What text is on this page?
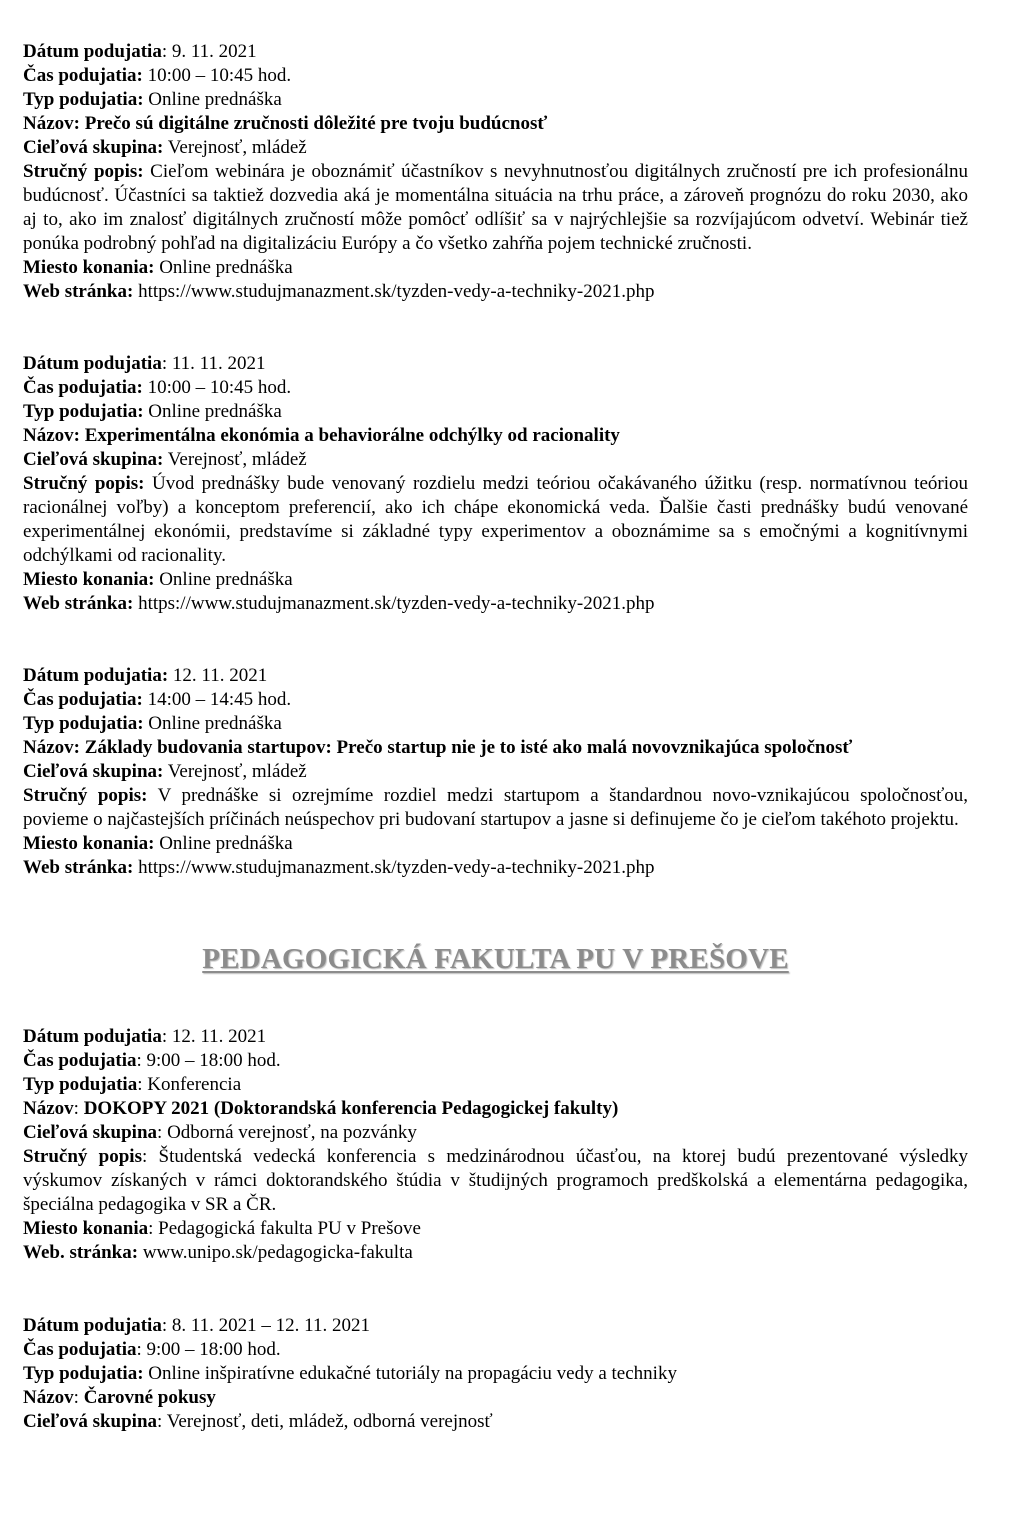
Dátum podujatia: 9. 11. 2021
Čas podujatia: 10:00 – 10:45 hod.
Typ podujatia: Online prednáška
Názov: Prečo sú digitálne zručnosti dôležité pre tvoju budúcnosť
Cieľová skupina: Verejnosť, mládež
Stručný popis: Cieľom webinára je oboznámiť účastníkov s nevyhnutnosťou digitálnych zručností pre ich profesionálnu budúcnosť. Účastníci sa taktiež dozvedia aká je momentálna situácia na trhu práce, a zároveň prognózu do roku 2030, ako aj to, ako im znalosť digitálnych zručností môže pomôcť odlíšiť sa v najrýchlejšie sa rozvíjajúcom odvetví. Webinár tiež ponúka podrobný pohľad na digitalizáciu Európy a čo všetko zahŕňa pojem technické zručnosti.
Miesto konania: Online prednáška
Web stránka: https://www.studujmanazment.sk/tyzden-vedy-a-techniky-2021.php
Dátum podujatia: 11. 11. 2021
Čas podujatia: 10:00 – 10:45 hod.
Typ podujatia: Online prednáška
Názov: Experimentálna ekonómia a behaviorálne odchýlky od racionality
Cieľová skupina: Verejnosť, mládež
Stručný popis: Úvod prednášky bude venovaný rozdielu medzi teóriou očakávaného úžitku (resp. normatívnou teóriou racionálnej voľby) a konceptom preferencií, ako ich chápe ekonomická veda. Ďalšie časti prednášky budú venované experimentálnej ekonómii, predstavíme si základné typy experimentov a oboznámime sa s emočnými a kognitívnymi odchýlkami od racionality.
Miesto konania: Online prednáška
Web stránka: https://www.studujmanazment.sk/tyzden-vedy-a-techniky-2021.php
Dátum podujatia: 12. 11. 2021
Čas podujatia: 14:00 – 14:45 hod.
Typ podujatia: Online prednáška
Názov: Základy budovania startupov: Prečo startup nie je to isté ako malá novovznikajúca spoločnosť
Cieľová skupina: Verejnosť, mládež
Stručný popis: V prednáške si ozrejmíme rozdiel medzi startupom a štandardnou novo-vznikajúcou spoločnosťou, povieme o najčastejších príčinách neúspechov pri budovaní startupov a jasne si definujeme čo je cieľom takéhoto projektu.
Miesto konania: Online prednáška
Web stránka: https://www.studujmanazment.sk/tyzden-vedy-a-techniky-2021.php
PEDAGOGICKÁ FAKULTA PU V PREŠOVE
Dátum podujatia: 12. 11. 2021
Čas podujatia: 9:00 – 18:00 hod.
Typ podujatia: Konferencia
Názov: DOKOPY 2021 (Doktorandská konferencia Pedagogickej fakulty)
Cieľová skupina: Odborná verejnosť, na pozvánky
Stručný popis: Študentská vedecká konferencia s medzinárodnou účasťou, na ktorej budú prezentované výsledky výskumov získaných v rámci doktorandského štúdia v študijných programoch predškolská a elementárna pedagogika, špeciálna pedagogika v SR a ČR.
Miesto konania: Pedagogická fakulta PU v Prešove
Web. stránka: www.unipo.sk/pedagogicka-fakulta
Dátum podujatia: 8. 11. 2021 – 12. 11. 2021
Čas podujatia: 9:00 – 18:00 hod.
Typ podujatia: Online inšpiratívne edukačné tutoriály na propagáciu vedy a techniky
Názov: Čarovné pokusy
Cieľová skupina: Verejnosť, deti, mládež, odborná verejnosť
